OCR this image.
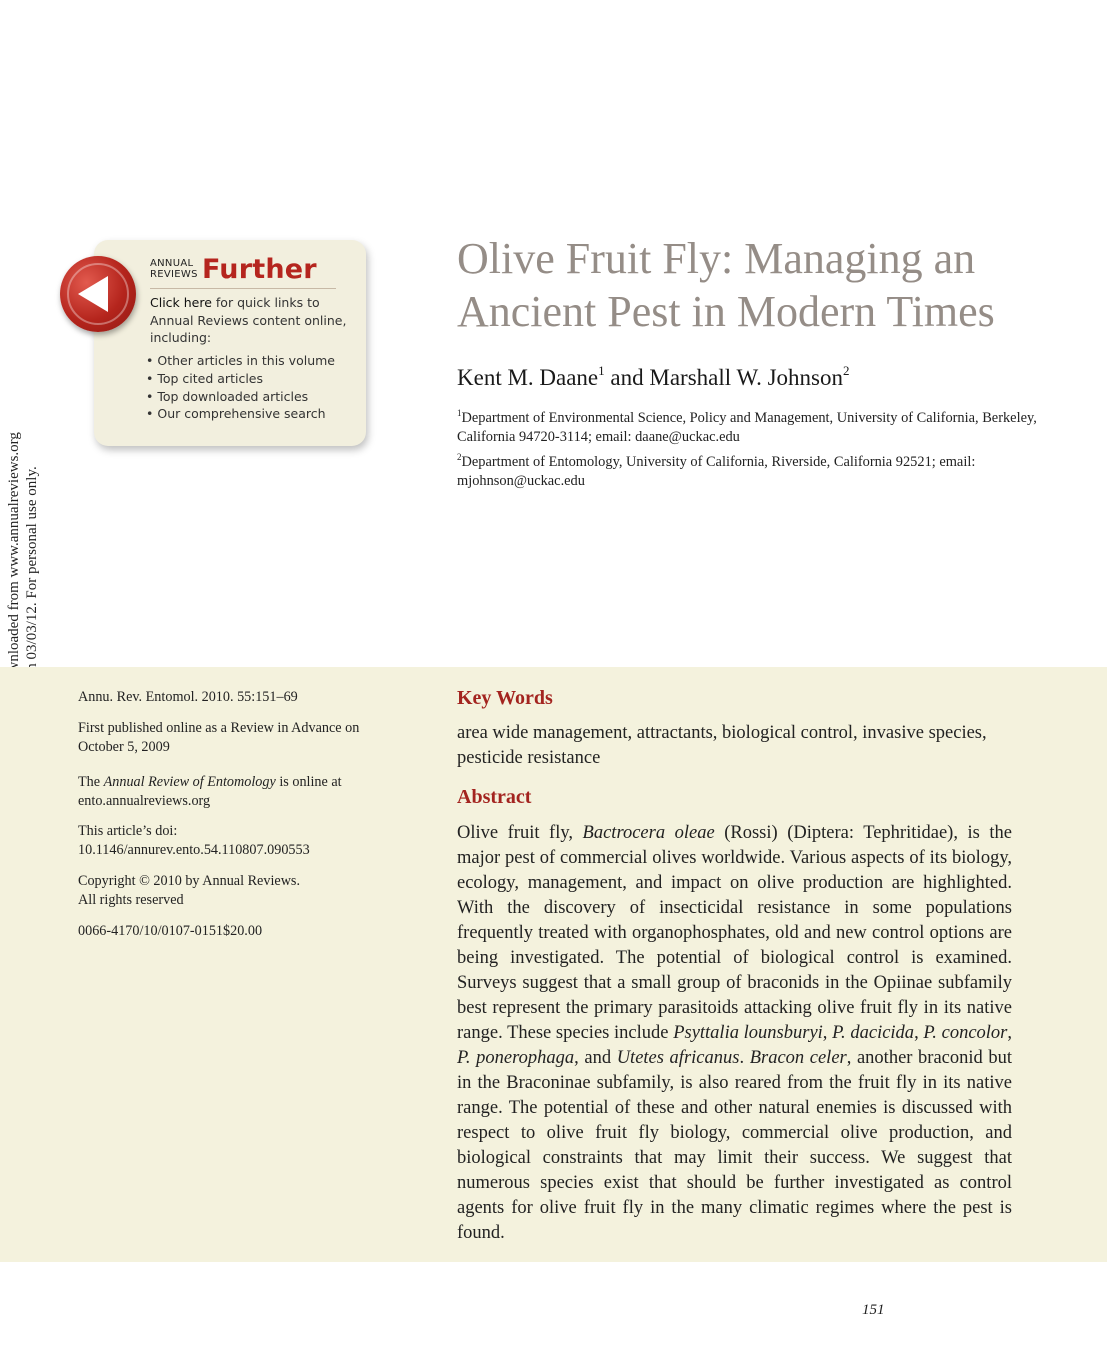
ANNUAL
REVIEWS Further
Click here for quick links to Annual Reviews content online, including:
• Other articles in this volume
• Top cited articles
• Top downloaded articles
• Our comprehensive search
Olive Fruit Fly: Managing an Ancient Pest in Modern Times
Kent M. Daane$^1$ and Marshall W. Johnson$^2$
$^1$Department of Environmental Science, Policy and Management, University of California, Berkeley, California 94720-3114; email: daane@uckac.edu
$^2$Department of Entomology, University of California, Riverside, California 92521; email: mjohnson@uckac.edu
Annu. Rev. Entomol. 2010. 55:151–69
First published online as a Review in Advance on October 5, 2009
The Annual Review of Entomology is online at ento.annualreviews.org
This article’s doi:
10.1146/annurev.ento.54.110807.090553
Copyright © 2010 by Annual Reviews.
All rights reserved
0066-4170/10/0107-0151$20.00
Key Words
area wide management, attractants, biological control, invasive species, pesticide resistance
Abstract
Olive fruit fly, Bactrocera oleae (Rossi) (Diptera: Tephritidae), is the major pest of commercial olives worldwide. Various aspects of its biology, ecology, management, and impact on olive production are highlighted. With the discovery of insecticidal resistance in some populations frequently treated with organophosphates, old and new control options are being investigated. The potential of biological control is examined. Surveys suggest that a small group of braconids in the Opiinae subfamily best represent the primary parasitoids attacking olive fruit fly in its native range. These species include Psyttalia lounsburyi, P. dacicida, P. concolor, P. ponerophaga, and Utetes africanus. Bracon celer, another braconid but in the Braconinae subfamily, is also reared from the fruit fly in its native range. The potential of these and other natural enemies is discussed with respect to olive fruit fly biology, commercial olive production, and biological constraints that may limit their success. We suggest that numerous species exist that should be further investigated as control agents for olive fruit fly in the many climatic regimes where the pest is found.
151
